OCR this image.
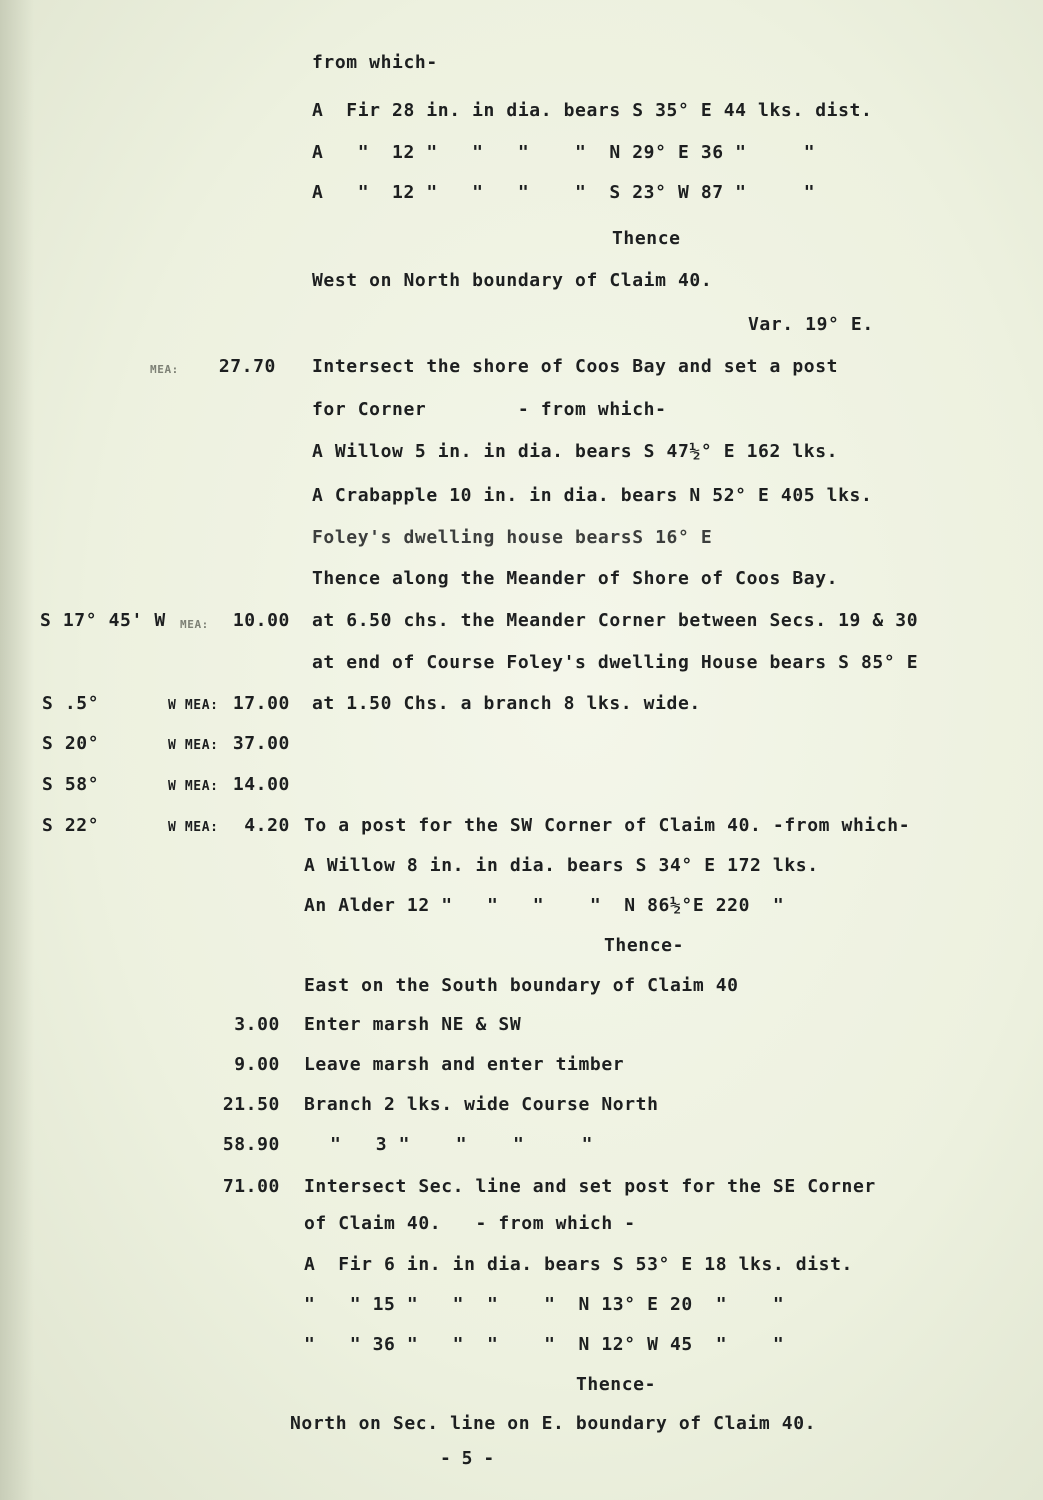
from which-
A  Fir 28 in. in dia. bears S 35° E 44 lks. dist.
A   "  12 "   "   "    "  N 29° E 36 "     "
A   "  12 "   "   "    "  S 23° W 87 "     "
Thence
West on North boundary of Claim 40.
Var. 19° E.
MEA:	27.70 Intersect the shore of Coos Bay and set a post
for Corner        - from which-
A Willow 5 in. in dia. bears S 47½° E 162 lks.
A Crabapple 10 in. in dia. bears N 52° E 405 lks.
Foley's dwelling house bearsS 16° E
Thence along the Meander of Shore of Coos Bay.
S 17° 45' W MEA:	10.00 at 6.50 chs. the Meander Corner between Secs. 19 & 30
at end of Course Foley's dwelling House bears S 85° E
S .5°	W MEA: 17.00 at 1.50 Chs. a branch 8 lks. wide.
S 20°	W MEA: 37.00
S 58°	W MEA: 14.00
S 22°	W MEA:	4.20 To a post for the SW Corner of Claim 40. -from which-
A Willow 8 in. in dia. bears S 34° E 172 lks.
An Alder 12 "   "   "    "  N 86½°E 220  "
Thence-
East on the South boundary of Claim 40
3.00 Enter marsh NE & SW
9.00 Leave marsh and enter timber
21.50 Branch 2 lks. wide Course North
58.90	"   3 "    "    "     "
71.00 Intersect Sec. line and set post for the SE Corner
of Claim 40.   - from which -
A  Fir 6 in. in dia. bears S 53° E 18 lks. dist.
"   " 15 "   "  "    "  N 13° E 20  "    "
"   " 36 "   "  "    "  N 12° W 45  "    "
Thence-
North on Sec. line on E. boundary of Claim 40.
- 5 -
